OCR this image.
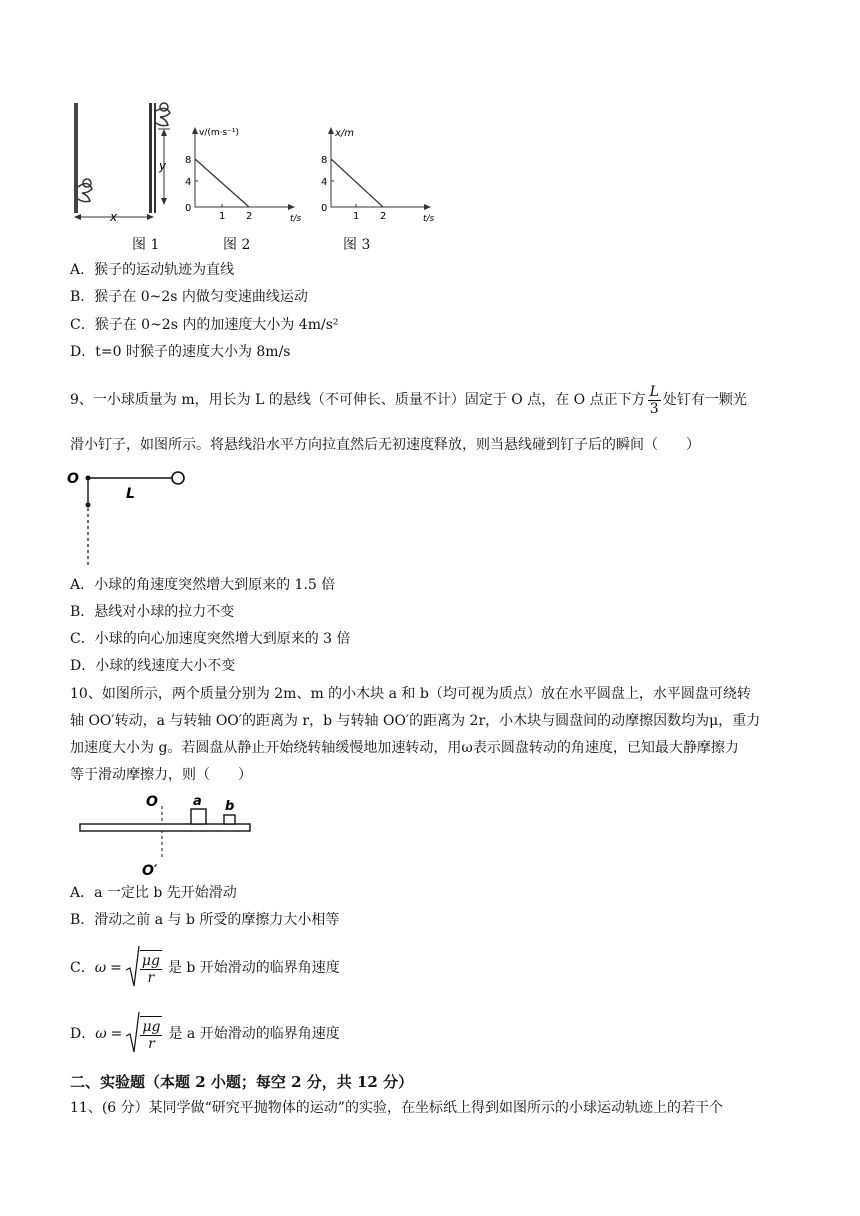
y
x
v/(m·s⁻¹)
t/s
8
4
0
1 2
x/m
t/s
8
4
0
1 2
图 1	图 2	图 3
A．猴子的运动轨迹为直线
B．猴子在 0~2s 内做匀变速曲线运动
C．猴子在 0~2s 内的加速度大小为 4m/s²
D．t=0 时猴子的速度大小为 8m/s
9、一小球质量为 m，用长为 L 的悬线（不可伸长、质量不计）固定于 O 点，在 O 点正下方 $\frac{L}{3}$ 处钉有一颗光
滑小钉子，如图所示。将悬线沿水平方向拉直然后无初速度释放，则当悬线碰到钉子后的瞬间（　　）
O
L
A．小球的角速度突然增大到原来的 1.5 倍
B．悬线对小球的拉力不变
C．小球的向心加速度突然增大到原来的 3 倍
D．小球的线速度大小不变
10、如图所示，两个质量分别为 2m、m 的小木块 a 和 b（均可视为质点）放在水平圆盘上，水平圆盘可绕转
轴 OO′转动，a 与转轴 OO′的距离为 r，b 与转轴 OO′的距离为 2r，小木块与圆盘间的动摩擦因数均为μ，重力
加速度大小为 g。若圆盘从静止开始绕转轴缓慢地加速转动，用ω表示圆盘转动的角速度，已知最大静摩擦力
等于滑动摩擦力，则（　　）
O	a b
O′
A．a 一定比 b 先开始滑动
B．滑动之前 a 与 b 所受的摩擦力大小相等
C．$\omega = \frac{\mu g}{r}$ 是 b 开始滑动的临界角速度
D．$\omega = \frac{\mu g}{r}$ 是 a 开始滑动的临界角速度
二、实验题（本题 2 小题；每空 2 分，共 12 分）
11、(6 分）某同学做“研究平抛物体的运动”的实验，在坐标纸上得到如图所示的小球运动轨迹上的若干个
